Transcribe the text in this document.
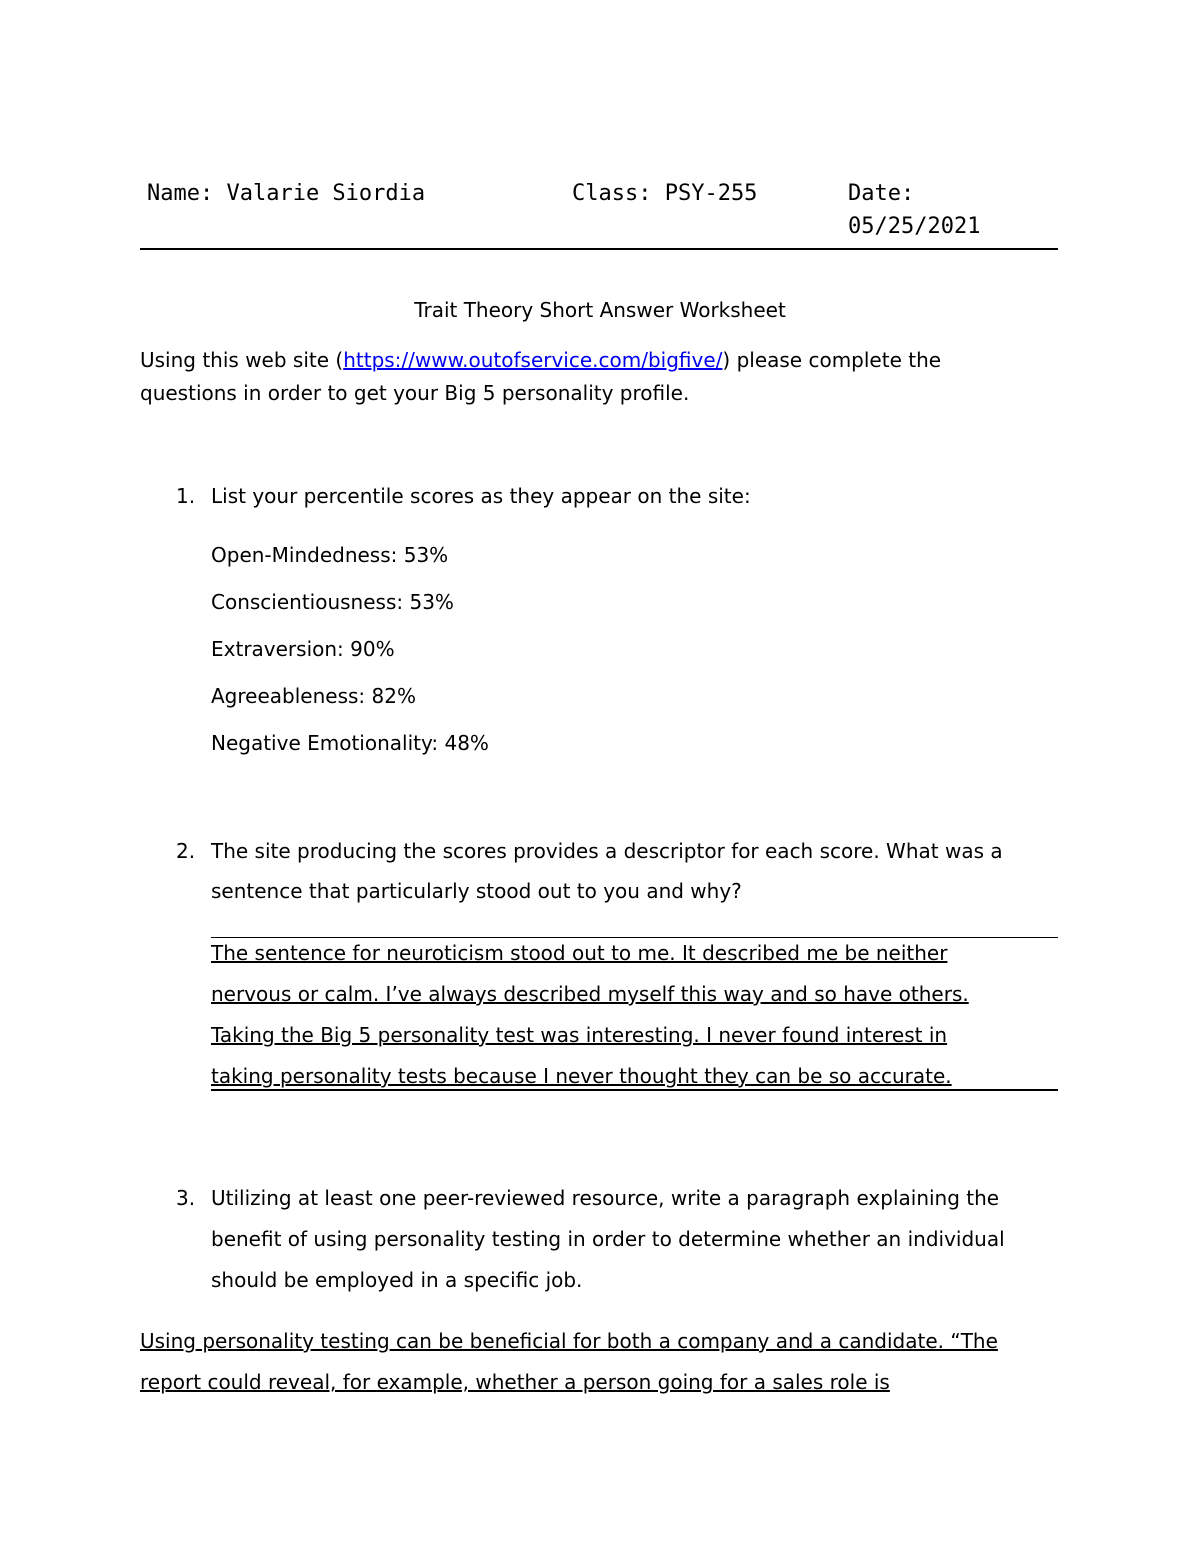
Name: Valarie Siordia	Class: PSY-255	Date:
05/25/2021
Trait Theory Short Answer Worksheet
Using this web site (https://www.outofservice.com/bigfive/) please complete the
questions in order to get your Big 5 personality profile.
1. List your percentile scores as they appear on the site:
Open-Mindedness: 53%
Conscientiousness: 53%
Extraversion: 90%
Agreeableness: 82%
Negative Emotionality: 48%
2. The site producing the scores provides a descriptor for each score. What was a
sentence that particularly stood out to you and why?
The sentence for neuroticism stood out to me. It described me be neither
nervous or calm. I’ve always described myself this way and so have others.
Taking the Big 5 personality test was interesting. I never found interest in
taking personality tests because I never thought they can be so accurate.
3. Utilizing at least one peer-reviewed resource, write a paragraph explaining the
benefit of using personality testing in order to determine whether an individual
should be employed in a specific job.
Using personality testing can be beneficial for both a company and a candidate. “The
report could reveal, for example, whether a person going for a sales role is
